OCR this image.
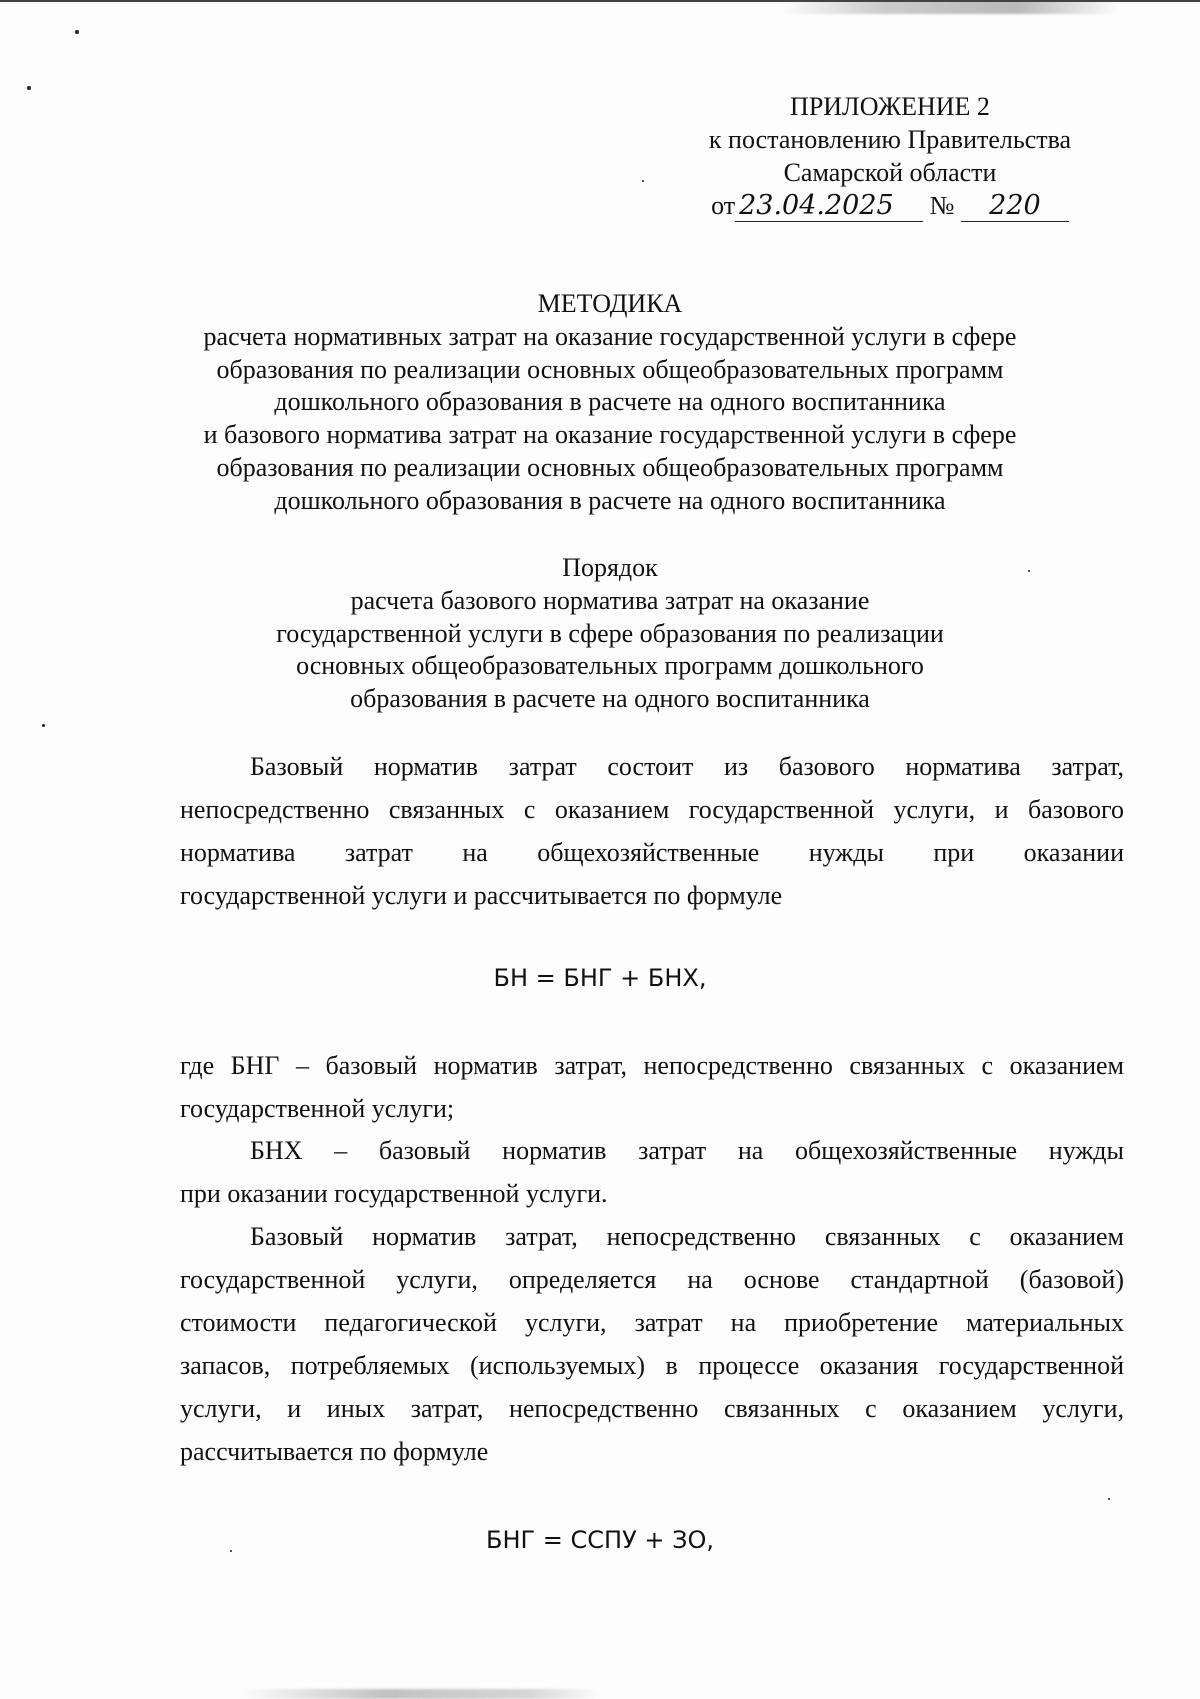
ПРИЛОЖЕНИЕ 2
к постановлению Правительства
Самарской области
от 23.04.2025 № 220
МЕТОДИКА
расчета нормативных затрат на оказание государственной услуги в сфере
образования по реализации основных общеобразовательных программ
дошкольного образования в расчете на одного воспитанника
и базового норматива затрат на оказание государственной услуги в сфере
образования по реализации основных общеобразовательных программ
дошкольного образования в расчете на одного воспитанника
Порядок
расчета базового норматива затрат на оказание
государственной услуги в сфере образования по реализации
основных общеобразовательных программ дошкольного
образования в расчете на одного воспитанника
Базовый норматив затрат состоит из базового норматива затрат,
непосредственно связанных с оказанием государственной услуги, и базового
норматива затрат на общехозяйственные нужды при оказании
государственной услуги и рассчитывается по формуле
БН = БНГ + БНХ,
где БНГ – базовый норматив затрат, непосредственно связанных с оказанием
государственной услуги;
БНХ – базовый норматив затрат на общехозяйственные нужды
при оказании государственной услуги.
Базовый норматив затрат, непосредственно связанных с оказанием
государственной услуги, определяется на основе стандартной (базовой)
стоимости педагогической услуги, затрат на приобретение материальных
запасов, потребляемых (используемых) в процессе оказания государственной
услуги, и иных затрат, непосредственно связанных с оказанием услуги,
рассчитывается по формуле
БНГ = ССПУ + ЗО,
